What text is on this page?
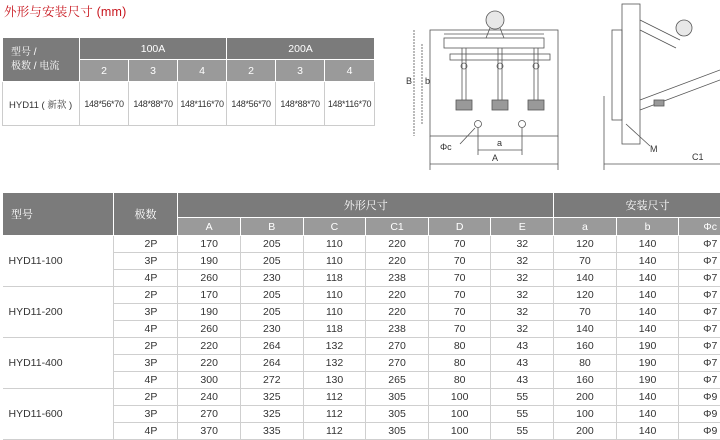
外形与安装尺寸 (mm)
型号 /
极数 / 电流	100A			200A		
	2	3	4	2	3	4
HYD11 ( 新款 )	148*56*70	148*88*70	148*116*70	148*56*70	148*88*70	148*116*70
B b
Φc	a
A
M
C1
型号	极数	外形尺寸						安装尺寸		
		A	B	C	C1	D	E	a	b	Φc
HYD11-100	2P	170	205	110	220	70	32	120	140	Φ7
	3P	190	205	110	220	70	32	70	140	Φ7
	4P	260	230	118	238	70	32	140	140	Φ7
HYD11-200	2P	170	205	110	220	70	32	120	140	Φ7
	3P	190	205	110	220	70	32	70	140	Φ7
	4P	260	230	118	238	70	32	140	140	Φ7
HYD11-400	2P	220	264	132	270	80	43	160	190	Φ7
	3P	220	264	132	270	80	43	80	190	Φ7
	4P	300	272	130	265	80	43	160	190	Φ7
HYD11-600	2P	240	325	112	305	100	55	200	140	Φ9
	3P	270	325	112	305	100	55	100	140	Φ9
	4P	370	335	112	305	100	55	200	140	Φ9
